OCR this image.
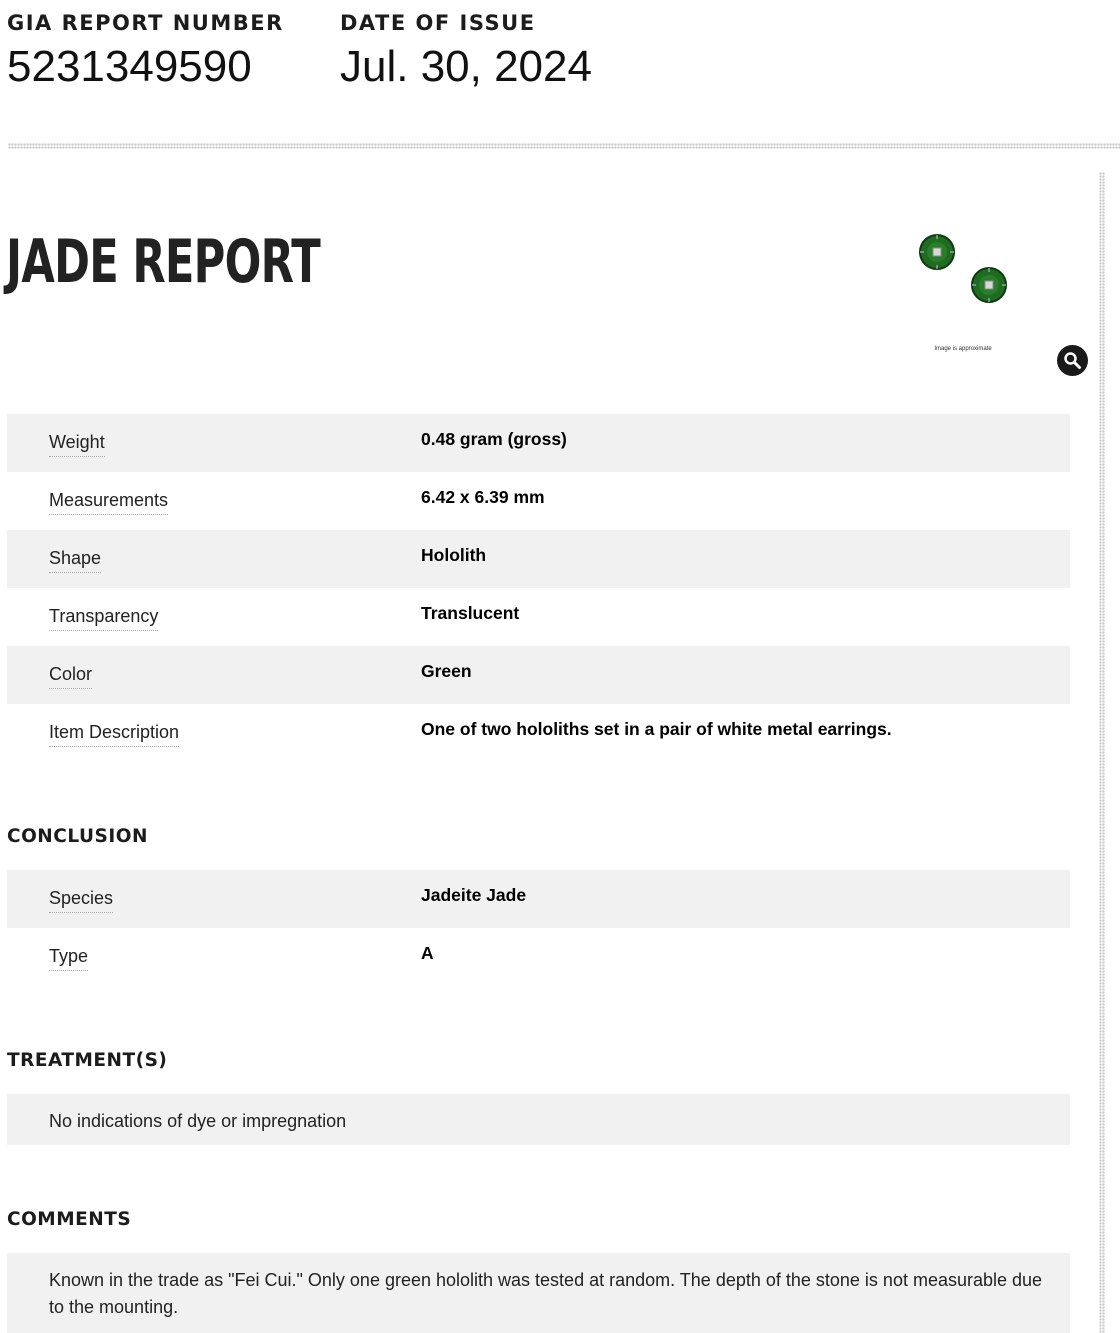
GIA REPORT NUMBER
5231349590
DATE OF ISSUE
Jul. 30, 2024
JADE REPORT
Image is approximate
Weight	0.48 gram (gross)
Measurements	6.42 x 6.39 mm
Shape	Hololith
Transparency	Translucent
Color	Green
Item Description	One of two hololiths set in a pair of white metal earrings.
CONCLUSION
Species	Jadeite Jade
Type	A
TREATMENT(S)
No indications of dye or impregnation
COMMENTS
Known in the trade as "Fei Cui." Only one green hololith was tested at random. The depth of the stone is not measurable due to the mounting.
